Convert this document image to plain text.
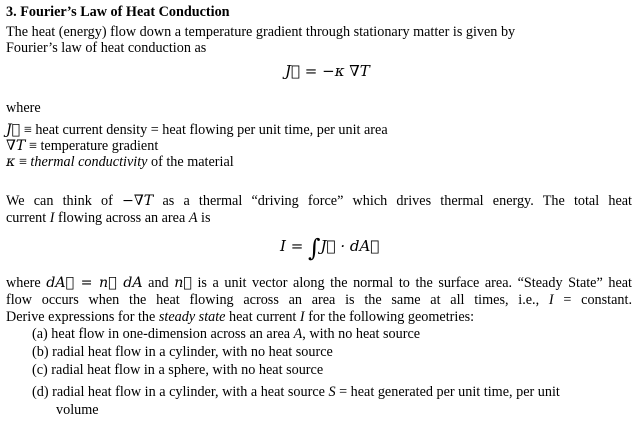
3. Fourier’s Law of Heat Conduction
The heat (energy) flow down a temperature gradient through stationary matter is given by
Fourier’s law of heat conduction as
J⃗ = −κ ∇T
where
J⃗ ≡ heat current density = heat flowing per unit time, per unit area
∇T ≡ temperature gradient
κ ≡ thermal conductivity of the material
We can think of −∇T as a thermal “driving force” which drives thermal energy. The total heat
current I flowing across an area A is
I = ∫J⃗ · dA⃗
where dA⃗ = n⃗ dA and n⃗ is a unit vector along the normal to the surface area. “Steady State” heat
flow occurs when the heat flowing across an area is the same at all times, i.e., I = constant.
Derive expressions for the steady state heat current I for the following geometries:
(a) heat flow in one-dimension across an area A, with no heat source
(b) radial heat flow in a cylinder, with no heat source
(c) radial heat flow in a sphere, with no heat source
(d) radial heat flow in a cylinder, with a heat source S = heat generated per unit time, per unit
volume
